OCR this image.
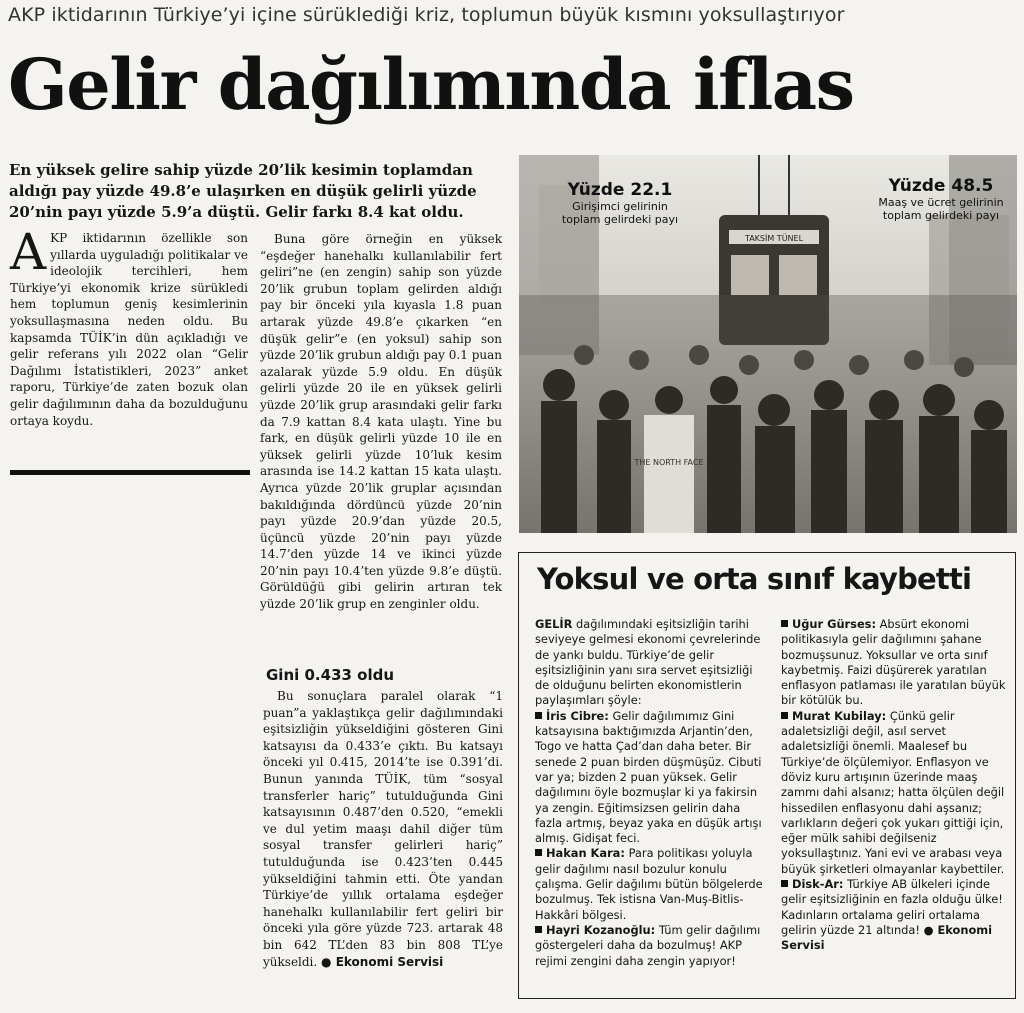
AKP iktidarının Türkiye’yi içine sürüklediği kriz, toplumun büyük kısmını yoksullaştırıyor
Gelir dağılımında iflas
En yüksek gelire sahip yüzde 20’lik kesimin toplamdan aldığı pay yüzde 49.8’e ulaşırken en düşük gelirli yüzde 20’nin payı yüzde 5.9’a düştü. Gelir farkı 8.4 kat oldu.
AKP iktidarının özellikle son yıllarda uyguladığı politikalar ve ideolojik tercihleri, hem Türkiye’yi ekonomik krize sürükledi hem toplumun geniş kesimlerinin yoksullaşmasına neden oldu. Bu kapsamda TÜİK’in dün açıkladığı ve gelir referans yılı 2022 olan “Gelir Dağılımı İstatistikleri, 2023” anket raporu, Türkiye’de zaten bozuk olan gelir dağılımının daha da bozulduğunu ortaya koydu.
Buna göre örneğin en yüksek “eşdeğer hanehalkı kullanılabilir fert geliri”ne (en zengin) sahip son yüzde 20’lik grubun toplam gelirden aldığı pay bir önceki yıla kıyasla 1.8 puan artarak yüzde 49.8’e çıkarken “en düşük gelir”e (en yoksul) sahip son yüzde 20’lik grubun aldığı pay 0.1 puan azalarak yüzde 5.9 oldu. En düşük gelirli yüzde 20 ile en yüksek gelirli yüzde 20’lik grup arasındaki gelir farkı da 7.9 kattan 8.4 kata ulaştı. Yine bu fark, en düşük gelirli yüzde 10 ile en yüksek gelirli yüzde 10’luk kesim arasında ise 14.2 kattan 15 kata ulaştı. Ayrıca yüzde 20’lik gruplar açısından bakıldığında dördüncü yüzde 20’nin payı yüzde 20.9’dan yüzde 20.5, üçüncü yüzde 20’nin payı yüzde 14.7’den yüzde 14 ve ikinci yüzde 20’nin payı 10.4’ten yüzde 9.8’e düştü. Görüldüğü gibi gelirin artıran tek yüzde 20’lik grup en zenginler oldu.
Gini 0.433 oldu
Bu sonuçlara paralel olarak “1 puan”a yaklaştıkça gelir dağılımındaki eşitsizliğin yükseldiğini gösteren Gini katsayısı da 0.433’e çıktı. Bu katsayı önceki yıl 0.415, 2014’te ise 0.391’di. Bunun yanında TÜİK, tüm “sosyal transferler hariç” tutulduğunda Gini katsayısının 0.487’den 0.520, “emekli ve dul yetim maaşı dahil diğer tüm sosyal transfer gelirleri hariç” tutulduğunda ise 0.423’ten 0.445 yükseldiğini tahmin etti. Öte yandan Türkiye’de yıllık ortalama eşdeğer hanehalkı kullanılabilir fert geliri bir önceki yıla göre yüzde 723. artarak 48 bin 642 TL’den 83 bin 808 TL’ye yükseldi. ● Ekonomi Servisi
TAKSİM TÜNEL
THE NORTH FACE
Yüzde 22.1
Girişimci gelirinin toplam gelirdeki payı
Yüzde 48.5
Maaş ve ücret gelirinin toplam gelirdeki payı
Yoksul ve orta sınıf kaybetti
GELİR dağılımındaki eşitsizliğin tarihi seviyeye gelmesi ekonomi çevrelerinde de yankı buldu. Türkiye’de gelir eşitsizliğinin yanı sıra servet eşitsizliği de olduğunu belirten ekonomistlerin paylaşımları şöyle:
İris Cibre: Gelir dağılımımız Gini katsayısına baktığımızda Arjantin’den, Togo ve hatta Çad’dan daha beter. Bir senede 2 puan birden düşmüşüz. Cibuti var ya; bizden 2 puan yüksek. Gelir dağılımını öyle bozmuşlar ki ya fakirsin ya zengin. Eğitimsizsen gelirin daha fazla artmış, beyaz yaka en düşük artışı almış. Gidişat feci.
Hakan Kara: Para politikası yoluyla gelir dağılımı nasıl bozulur konulu çalışma. Gelir dağılımı bütün bölgelerde bozulmuş. Tek istisna Van-Muş-Bitlis-Hakkâri bölgesi.
Hayri Kozanoğlu: Tüm gelir dağılımı göstergeleri daha da bozulmuş! AKP rejimi zengini daha zengin yapıyor!
Uğur Gürses: Absürt ekonomi politikasıyla gelir dağılımını şahane bozmuşsunuz. Yoksullar ve orta sınıf kaybetmiş. Faizi düşürerek yaratılan enflasyon patlaması ile yaratılan büyük bir kötülük bu.
Murat Kubilay: Çünkü gelir adaletsizliği değil, asıl servet adaletsizliği önemli. Maalesef bu Türkiye’de ölçülemiyor. Enflasyon ve döviz kuru artışının üzerinde maaş zammı dahi alsanız; hatta ölçülen değil hissedilen enflasyonu dahi aşsanız; varlıkların değeri çok yukarı gittiği için, eğer mülk sahibi değilseniz yoksullaştınız. Yani evi ve arabası veya büyük şirketleri olmayanlar kaybettiler.
Disk-Ar: Türkiye AB ülkeleri içinde gelir eşitsizliğinin en fazla olduğu ülke! Kadınların ortalama geliri ortalama gelirin yüzde 21 altında! ● Ekonomi Servisi
